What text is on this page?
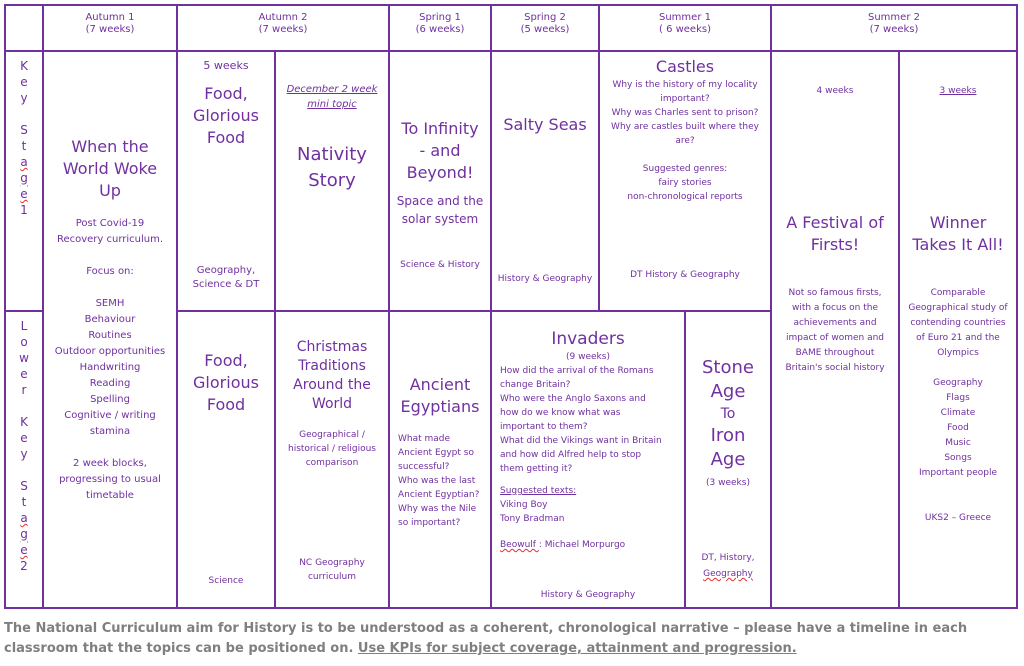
Autumn 1
(7 weeks)
Autumn 2
(7 weeks)
Spring 1
(6 weeks)
Spring 2
(5 weeks)
Summer 1
( 6 weeks)
Summer 2
(7 weeks)
K
e
y

S
t
a
g
e
1
L
o
w
e
r

K
e
y

S
t
a
g
e
2
When the World Woke Up
Post Covid-19
Recovery curriculum.

Focus on:

SEMH
Behaviour
Routines
Outdoor opportunities
Handwriting
Reading
Spelling
Cognitive / writing
stamina

2 week blocks,
progressing to usual
timetable
5 weeks
Food, Glorious Food
Geography, Science & DT
December 2 week mini topic
Nativity Story
To Infinity - and Beyond!
Space and the solar system
Science & History
Salty Seas
History & Geography
Castles
Why is the history of my locality important?
Why was Charles sent to prison?
Why are castles built where they are?
Suggested genres:
fairy stories
non-chronological reports
DT History & Geography
4 weeks
A Festival of Firsts!
Not so famous firsts,
with a focus on the
achievements and
impact of women and
BAME throughout
Britain's social history
3 weeks
Winner Takes It All!
Comparable
Geographical study of
contending countries
of Euro 21 and the
Olympics

Geography
Flags
Climate
Food
Music
Songs
Important people

UKS2 – Greece
Food, Glorious Food
Science
Christmas Traditions Around the World
Geographical / historical / religious comparison
NC Geography curriculum
Ancient Egyptians
What made
Ancient Egypt so
successful?
Who was the last
Ancient Egyptian?
Why was the Nile
so important?
Invaders
(9 weeks)
How did the arrival of the Romans
change Britain?
Who were the Anglo Saxons and
how do we know what was
important to them?
What did the Vikings want in Britain
and how did Alfred help to stop
them getting it?
Suggested texts:
Viking Boy
Tony Bradman
Beowulf : Michael Morpurgo
History & Geography
Stone
Age
To
Iron
Age
(3 weeks)
DT, History,
Geography
The National Curriculum aim for History is to be understood as a coherent, chronological narrative – please have a timeline in each classroom that the topics can be positioned on. Use KPIs for subject coverage, attainment and progression.
